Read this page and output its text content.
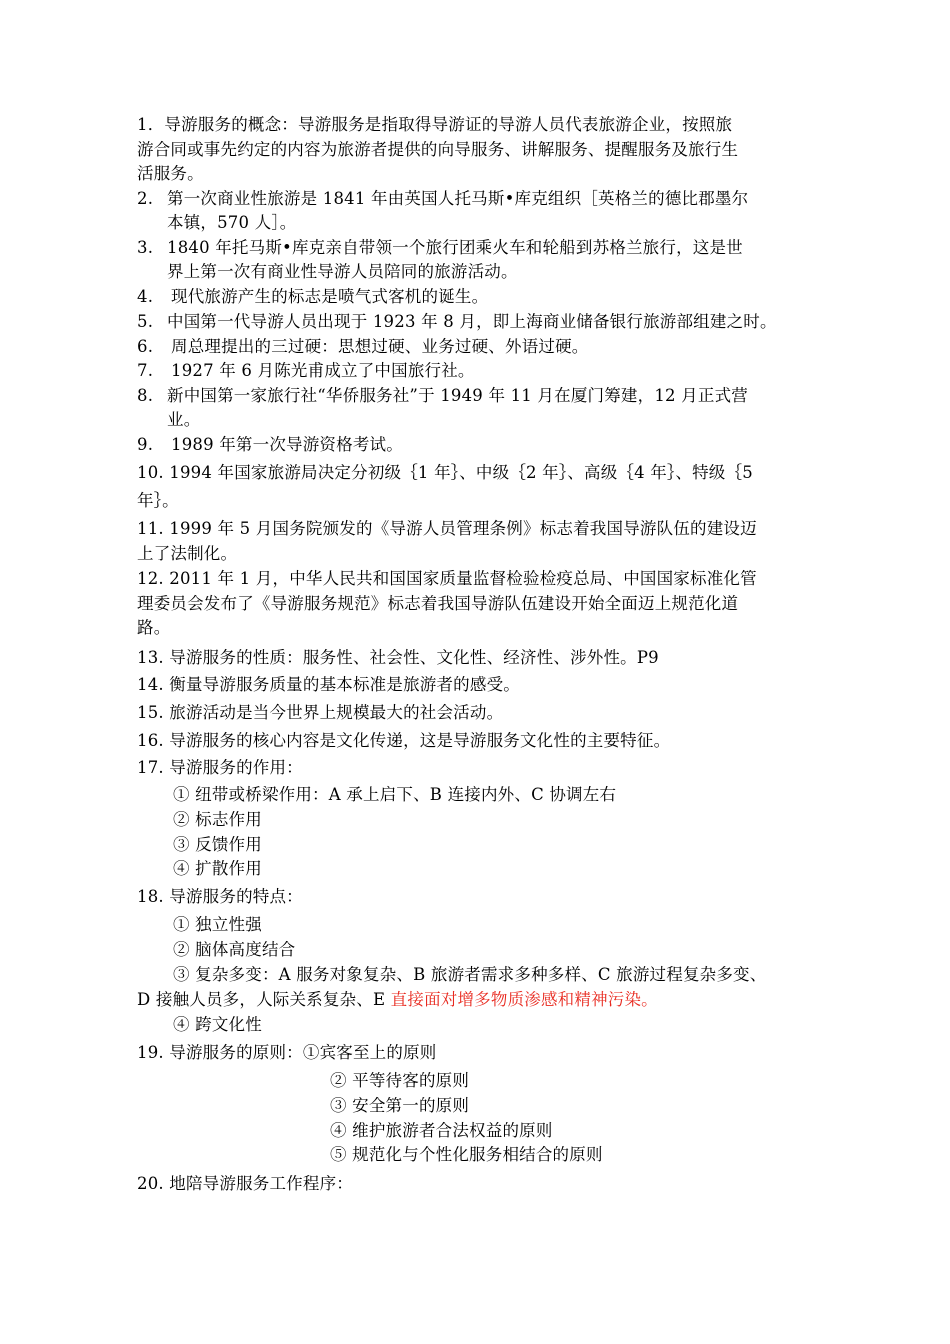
1．导游服务的概念：导游服务是指取得导游证的导游人员代表旅游企业，按照旅
游合同或事先约定的内容为旅游者提供的向导服务、讲解服务、提醒服务及旅行生
活服务。
2. 第一次商业性旅游是 1841 年由英国人托马斯•库克组织［英格兰的德比郡墨尔
本镇，570 人］。
3. 1840 年托马斯•库克亲自带领一个旅行团乘火车和轮船到苏格兰旅行，这是世
界上第一次有商业性导游人员陪同的旅游活动。
4. 现代旅游产生的标志是喷气式客机的诞生。
5. 中国第一代导游人员出现于 1923 年 8 月，即上海商业储备银行旅游部组建之时。
6. 周总理提出的三过硬：思想过硬、业务过硬、外语过硬。
7. 1927 年 6 月陈光甫成立了中国旅行社。
8. 新中国第一家旅行社“华侨服务社”于 1949 年 11 月在厦门筹建，12 月正式营
业。
9. 1989 年第一次导游资格考试。
10. 1994 年国家旅游局决定分初级｛1 年｝、中级｛2 年｝、高级｛4 年｝、特级｛5
年｝。
11. 1999 年 5 月国务院颁发的《导游人员管理条例》标志着我国导游队伍的建设迈
上了法制化。
12. 2011 年 1 月，中华人民共和国国家质量监督检验检疫总局、中国国家标准化管
理委员会发布了《导游服务规范》标志着我国导游队伍建设开始全面迈上规范化道
路。
13. 导游服务的性质：服务性、社会性、文化性、经济性、涉外性。P9
14. 衡量导游服务质量的基本标准是旅游者的感受。
15. 旅游活动是当今世界上规模最大的社会活动。
16. 导游服务的核心内容是文化传递，这是导游服务文化性的主要特征。
17. 导游服务的作用：
① 纽带或桥梁作用：A 承上启下、B 连接内外、C 协调左右
② 标志作用
③ 反馈作用
④ 扩散作用
18. 导游服务的特点：
① 独立性强
② 脑体高度结合
③ 复杂多变：A 服务对象复杂、B 旅游者需求多种多样、C 旅游过程复杂多变、
D 接触人员多，人际关系复杂、E 直接面对增多物质渗感和精神污染。
④ 跨文化性
19. 导游服务的原则：①宾客至上的原则
② 平等待客的原则
③ 安全第一的原则
④ 维护旅游者合法权益的原则
⑤ 规范化与个性化服务相结合的原则
20. 地陪导游服务工作程序：
